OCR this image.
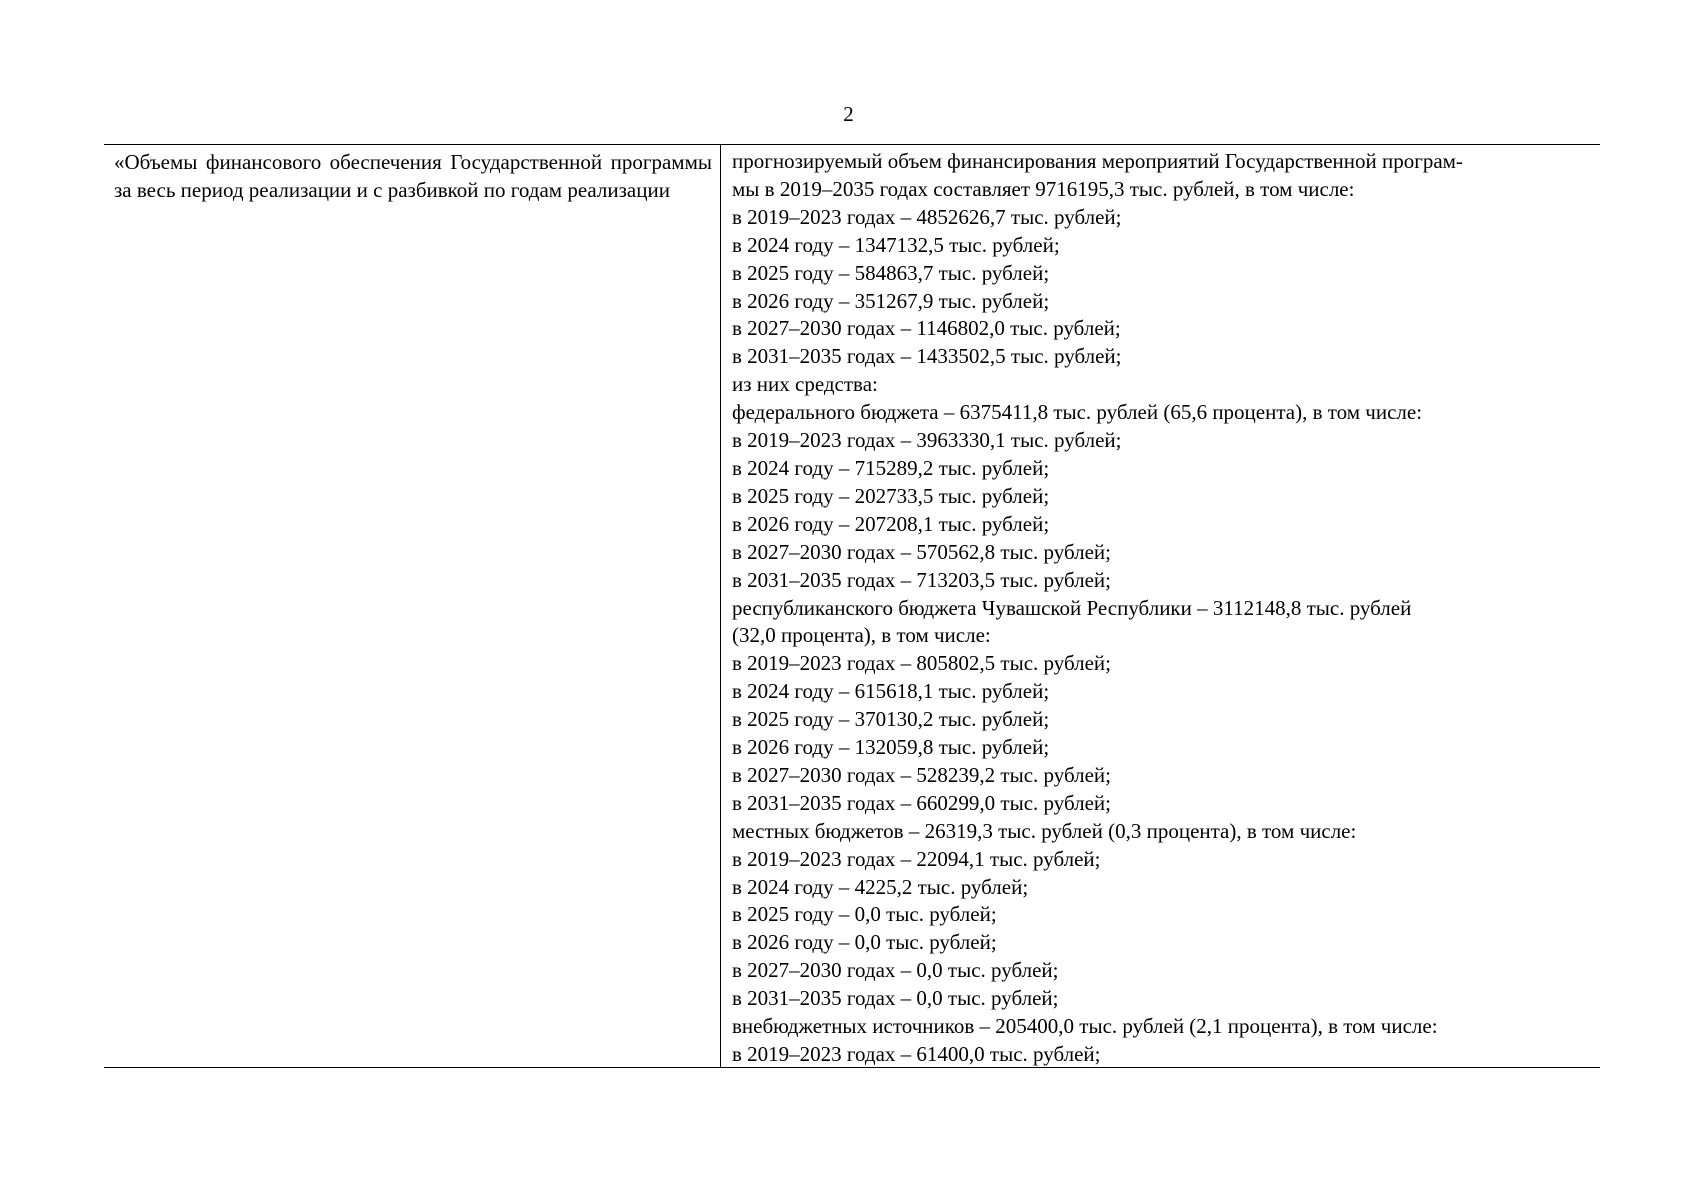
2
«Объемы финансового обеспечения Государственной программы за весь период реализации и с разбивкой по годам реализации
прогнозируемый объем финансирования мероприятий Государственной програм-
мы в 2019–2035 годах составляет 9716195,3 тыс. рублей, в том числе:
в 2019–2023 годах – 4852626,7 тыс. рублей;
в 2024 году – 1347132,5 тыс. рублей;
в 2025 году – 584863,7 тыс. рублей;
в 2026 году – 351267,9 тыс. рублей;
в 2027–2030 годах – 1146802,0 тыс. рублей;
в 2031–2035 годах – 1433502,5 тыс. рублей;
из них средства:
федерального бюджета – 6375411,8 тыс. рублей (65,6 процента), в том числе:
в 2019–2023 годах – 3963330,1 тыс. рублей;
в 2024 году – 715289,2 тыс. рублей;
в 2025 году – 202733,5 тыс. рублей;
в 2026 году – 207208,1 тыс. рублей;
в 2027–2030 годах – 570562,8 тыс. рублей;
в 2031–2035 годах – 713203,5 тыс. рублей;
республиканского бюджета Чувашской Республики – 3112148,8 тыс. рублей
(32,0 процента), в том числе:
в 2019–2023 годах – 805802,5 тыс. рублей;
в 2024 году – 615618,1 тыс. рублей;
в 2025 году – 370130,2 тыс. рублей;
в 2026 году – 132059,8 тыс. рублей;
в 2027–2030 годах – 528239,2 тыс. рублей;
в 2031–2035 годах – 660299,0 тыс. рублей;
местных бюджетов – 26319,3 тыс. рублей (0,3 процента), в том числе:
в 2019–2023 годах – 22094,1 тыс. рублей;
в 2024 году – 4225,2 тыс. рублей;
в 2025 году – 0,0 тыс. рублей;
в 2026 году – 0,0 тыс. рублей;
в 2027–2030 годах – 0,0 тыс. рублей;
в 2031–2035 годах – 0,0 тыс. рублей;
внебюджетных источников – 205400,0 тыс. рублей (2,1 процента), в том числе:
в 2019–2023 годах – 61400,0 тыс. рублей;
